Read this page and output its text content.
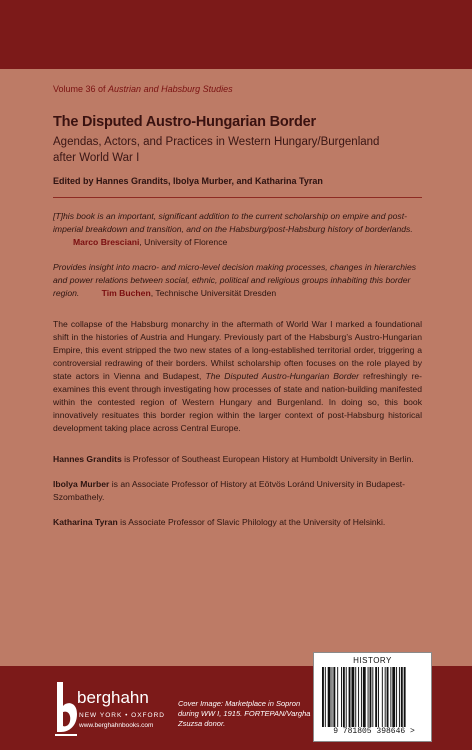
Volume 36 of Austrian and Habsburg Studies
The Disputed Austro-Hungarian Border
Agendas, Actors, and Practices in Western Hungary/Burgenland
after World War I
Edited by Hannes Grandits, Ibolya Murber, and Katharina Tyran
[T]his book is an important, significant addition to the current scholarship on empire and post-imperial breakdown and transition, and on the Habsburg/post-Habsburg history of borderlands. Marco Bresciani, University of Florence
Provides insight into macro- and micro-level decision making processes, changes in hierarchies and power relations between social, ethnic, political and religious groups inhabiting this border region.	Tim Buchen, Technische Universität Dresden
The collapse of the Habsburg monarchy in the aftermath of World War I marked a foundational shift in the histories of Austria and Hungary. Previously part of the Habsburg’s Austro-Hungarian Empire, this event stripped the two new states of a long-established territorial order, triggering a controversial redrawing of their borders. Whilst scholarship often focuses on the role played by state actors in Vienna and Budapest, The Disputed Austro-Hungarian Border refreshingly re-examines this event through investigating how processes of state and nation-building manifested within the contested region of Western Hungary and Burgenland. In doing so, this book innovatively resituates this border region within the larger context of post-Habsburg historical development taking place across Central Europe.
Hannes Grandits is Professor of Southeast European History at Humboldt University in Berlin.
Ibolya Murber is an Associate Professor of History at Eötvös Loránd University in Budapest-Szombathely.
Katharina Tyran is Associate Professor of Slavic Philology at the University of Helsinki.
berghahn
NEW YORK • OXFORD
www.berghahnbooks.com
Cover Image: Marketplace in Sopron during WW I, 1915. FORTEPAN/Vargha Zsuzsa donor.
HISTORY
9 781805 398646 >
